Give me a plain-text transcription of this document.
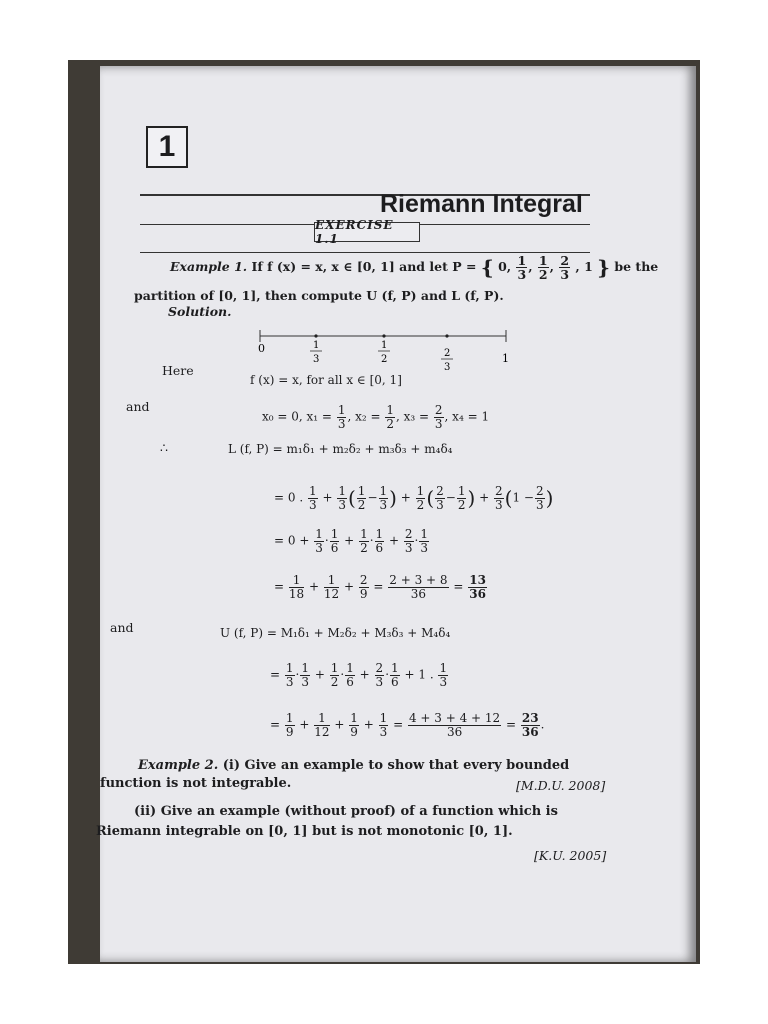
1
Riemann Integral
EXERCISE 1.1
Example 1. If f (x) = x, x ∈ [0, 1] and let P = { 0, $\frac{1}{3}$ , $\frac{1}{2}$ , $\frac{2}{3}$ , 1 } be the
partition of [0, 1], then compute U (f, P) and L (f, P).
Solution.
0	1
3
1
2
2
3
1
Here
f (x) = x, for all x ∈ [0, 1]
and
x₀ = 0, $x_1 = \frac{1}{3}$ , $x_2 = \frac{1}{2}$ , $x_3 = \frac{2}{3}$ , x₄ = 1
∴	L (f, P) = m₁δ₁ + m₂δ₂ + m₃δ₃ + m₄δ₄
= 0 . $\frac{1}{3} + \frac{1}{3}$ ( $\frac{1}{2} - \frac{1}{3}$ ) + $\frac{1}{2}$ ( $\frac{2}{3} - \frac{1}{2}$ ) + $\frac{2}{3} (1 - \frac{2}{3}$ )
= $0 + \frac{1}{3} \cdot \frac{1}{6} + \frac{1}{2} \cdot \frac{1}{6} + \frac{2}{3} \cdot \frac{1}{3}$
= $\frac{1}{18} + \frac{1}{12} + \frac{2}{9} = \frac{2 + 3 + 8}{36} = \frac{13}{36}$
and	U (f, P) = M₁δ₁ + M₂δ₂ + M₃δ₃ + M₄δ₄
= $\frac{1}{3} \cdot \frac{1}{3} + \frac{1}{2} \cdot \frac{1}{6} + \frac{2}{3} \cdot \frac{1}{6} + 1$ . $\frac{1}{3}$
= $\frac{1}{9} + \frac{1}{12} + \frac{1}{9} + \frac{1}{3} = \frac{4 + 3 + 4 + 12}{36} = \frac{23}{36}$ .
Example 2. (i) Give an example to show that every bounded
function is not integrable.	[M.D.U. 2008]
(ii) Give an example (without proof) of a function which is
Riemann integrable on [0, 1] but is not monotonic [0, 1].
[K.U. 2005]
